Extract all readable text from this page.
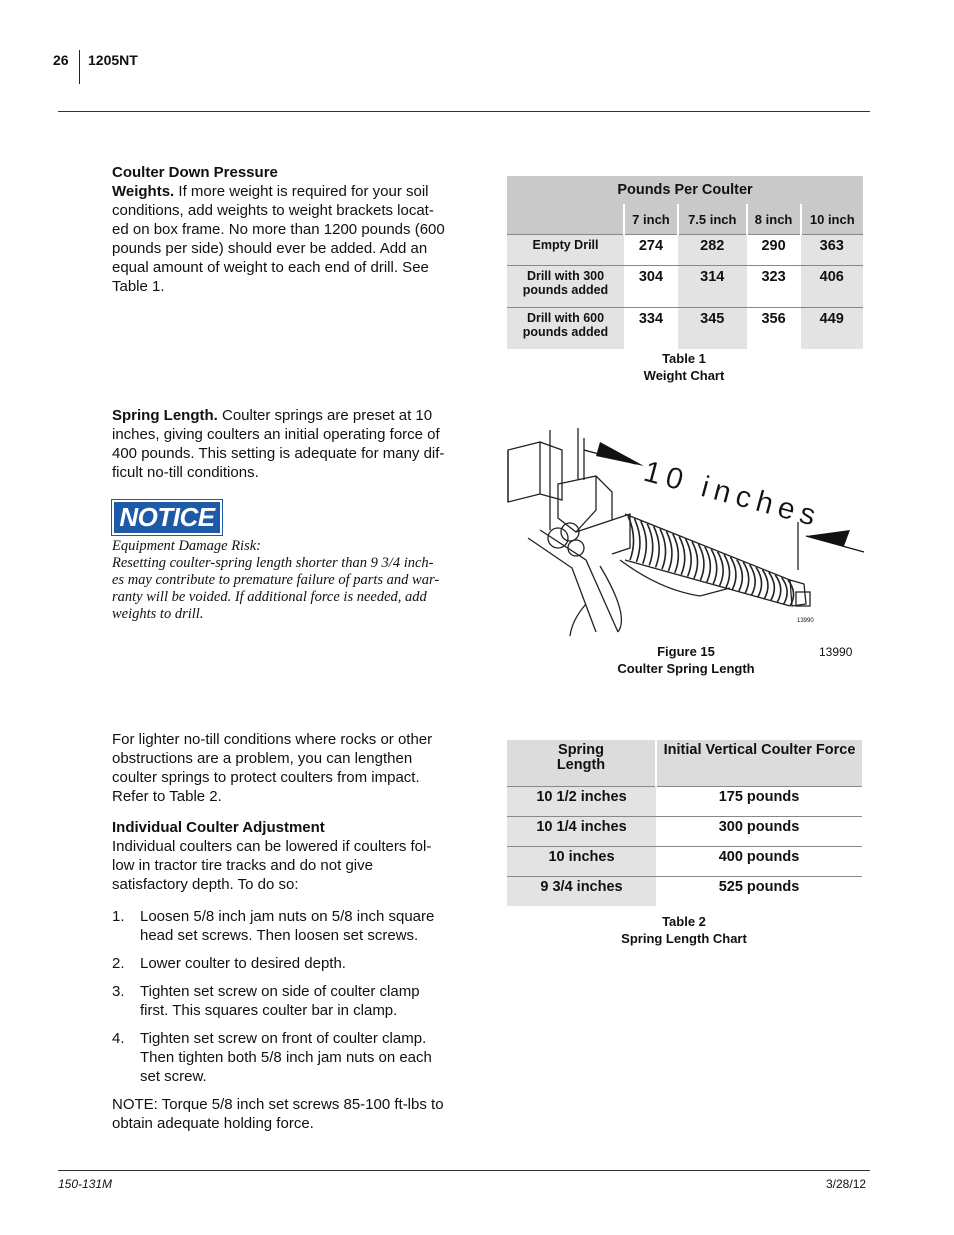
26 1205NT
Coulter Down Pressure
Weights. If more weight is required for your soil
conditions, add weights to weight brackets locat-
ed on box frame. No more than 1200 pounds (600
pounds per side) should ever be added. Add an
equal amount of weight to each end of drill. See
Table 1.
Spring Length. Coulter springs are preset at 10
inches, giving coulters an initial operating force of
400 pounds. This setting is adequate for many dif-
ficult no-till conditions.
NOTICE
Equipment Damage Risk:
Resetting coulter-spring length shorter than 9 3/4 inch-
es may contribute to premature failure of parts and war-
ranty will be voided. If additional force is needed, add
weights to drill.
For lighter no-till conditions where rocks or other
obstructions are a problem, you can lengthen
coulter springs to protect coulters from impact.
Refer to Table 2.
Individual Coulter Adjustment
Individual coulters can be lowered if coulters fol-
low in tractor tire tracks and do not give
satisfactory depth. To do so:
1. Loosen 5/8 inch jam nuts on 5/8 inch square
head set screws. Then loosen set screws.
2. Lower coulter to desired depth.
3. Tighten set screw on side of coulter clamp
first. This squares coulter bar in clamp.
4. Tighten set screw on front of coulter clamp.
Then tighten both 5/8 inch jam nuts on each
set screw.
NOTE: Torque 5/8 inch set screws 85-100 ft-lbs to
obtain adequate holding force.
Pounds Per Coulter				
	7 inch	7.5 inch	8 inch	10 inch
Empty Drill	274	282	290	363
Drill with 300
pounds added	304	314	323	406
Drill with 600
pounds added	334	345	356	449
Table 1
Weight Chart
10 inches
13990
Figure 15
Coulter Spring Length
13990
Spring
Length	Initial Vertical Coulter Force
10 1/2 inches	175 pounds
10 1/4 inches	300 pounds
10 inches	400 pounds
9 3/4 inches	525 pounds
Table 2
Spring Length Chart
150-131M	3/28/12
